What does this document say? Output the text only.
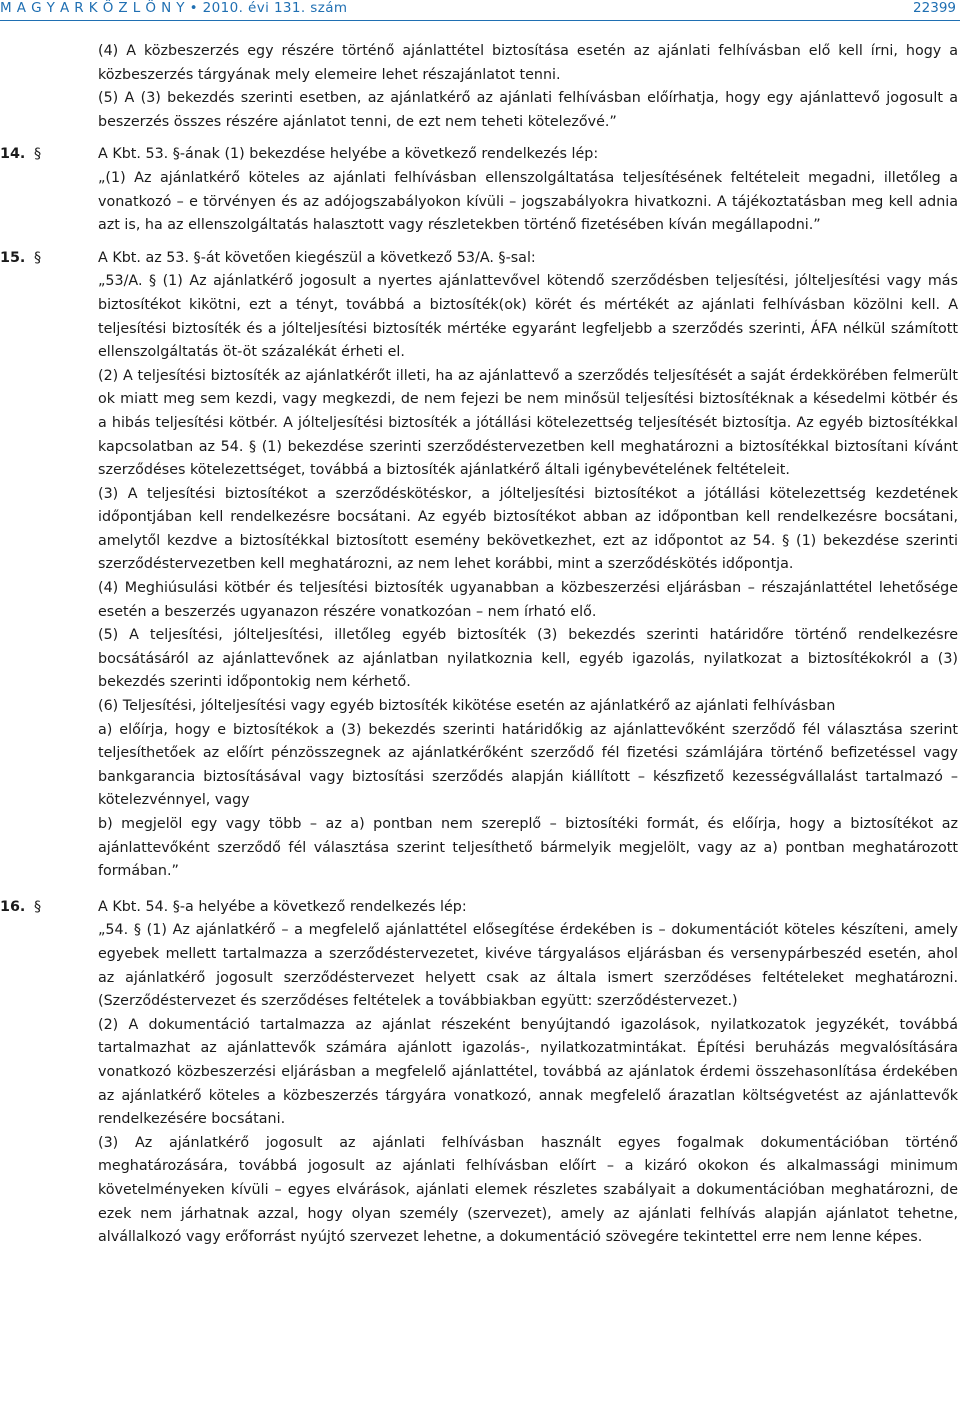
M A G Y A R K Ö Z L Ö N Y • 2010. évi 131. szám	22399

(4) A közbeszerzés egy részére történő ajánlattétel biztosítása esetén az ajánlati felhívásban elő kell írni, hogy a közbeszerzés tárgyának mely elemeire lehet részajánlatot tenni.

(5) A (3) bekezdés szerinti esetben, az ajánlatkérő az ajánlati felhívásban előírhatja, hogy egy ajánlattevő jogosult a beszerzés összes részére ajánlatot tenni, de ezt nem teheti kötelezővé.”

14. §	A Kbt. 53. §-ának (1) bekezdése helyébe a következő rendelkezés lép:

„(1) Az ajánlatkérő köteles az ajánlati felhívásban ellenszolgáltatása teljesítésének feltételeit megadni, illetőleg a vonatkozó – e törvényen és az adójogszabályokon kívüli – jogszabályokra hivatkozni. A tájékoztatásban meg kell adnia azt is, ha az ellenszolgáltatás halasztott vagy részletekben történő fizetésében kíván megállapodni.”

15. §	A Kbt. az 53. §-át követően kiegészül a következő 53/A. §-sal:

„53/A. § (1) Az ajánlatkérő jogosult a nyertes ajánlattevővel kötendő szerződésben teljesítési, jólteljesítési vagy más biztosítékot kikötni, ezt a tényt, továbbá a biztosíték(ok) körét és mértékét az ajánlati felhívásban közölni kell. A teljesítési biztosíték és a jólteljesítési biztosíték mértéke egyaránt legfeljebb a szerződés szerinti, ÁFA nélkül számított ellenszolgáltatás öt-öt százalékát érheti el.

(2) A teljesítési biztosíték az ajánlatkérőt illeti, ha az ajánlattevő a szerződés teljesítését a saját érdekkörében felmerült ok miatt meg sem kezdi, vagy megkezdi, de nem fejezi be nem minősül teljesítési biztosítéknak a késedelmi kötbér és a hibás teljesítési kötbér. A jólteljesítési biztosíték a jótállási kötelezettség teljesítését biztosítja. Az egyéb biztosítékkal kapcsolatban az 54. § (1) bekezdése szerinti szerződéstervezetben kell meghatározni a biztosítékkal biztosítani kívánt szerződéses kötelezettséget, továbbá a biztosíték ajánlatkérő általi igénybevételének feltételeit.

(3) A teljesítési biztosítékot a szerződéskötéskor, a jólteljesítési biztosítékot a jótállási kötelezettség kezdetének időpontjában kell rendelkezésre bocsátani. Az egyéb biztosítékot abban az időpontban kell rendelkezésre bocsátani, amelytől kezdve a biztosítékkal biztosított esemény bekövetkezhet, ezt az időpontot az 54. § (1) bekezdése szerinti szerződéstervezetben kell meghatározni, az nem lehet korábbi, mint a szerződéskötés időpontja.

(4) Meghiúsulási kötbér és teljesítési biztosíték ugyanabban a közbeszerzési eljárásban – részajánlattétel lehetősége esetén a beszerzés ugyanazon részére vonatkozóan – nem írható elő.

(5) A teljesítési, jólteljesítési, illetőleg egyéb biztosíték (3) bekezdés szerinti határidőre történő rendelkezésre bocsátásáról az ajánlattevőnek az ajánlatban nyilatkoznia kell, egyéb igazolás, nyilatkozat a biztosítékokról a (3) bekezdés szerinti időpontokig nem kérhető.

(6) Teljesítési, jólteljesítési vagy egyéb biztosíték kikötése esetén az ajánlatkérő az ajánlati felhívásban

a) előírja, hogy e biztosítékok a (3) bekezdés szerinti határidőkig az ajánlattevőként szerződő fél választása szerint teljesíthetőek az előírt pénzösszegnek az ajánlatkérőként szerződő fél fizetési számlájára történő befizetéssel vagy bankgarancia biztosításával vagy biztosítási szerződés alapján kiállított – készfizető kezességvállalást tartalmazó – kötelezvénnyel, vagy

b) megjelöl egy vagy több – az a) pontban nem szereplő – biztosítéki formát, és előírja, hogy a biztosítékot az ajánlattevőként szerződő fél választása szerint teljesíthető bármelyik megjelölt, vagy az a) pontban meghatározott formában.”

16. §	A Kbt. 54. §-a helyébe a következő rendelkezés lép:

„54. § (1) Az ajánlatkérő – a megfelelő ajánlattétel elősegítése érdekében is – dokumentációt köteles készíteni, amely egyebek mellett tartalmazza a szerződéstervezetet, kivéve tárgyalásos eljárásban és versenypárbeszéd esetén, ahol az ajánlatkérő jogosult szerződéstervezet helyett csak az általa ismert szerződéses feltételeket meghatározni. (Szerződéstervezet és szerződéses feltételek a továbbiakban együtt: szerződéstervezet.)

(2) A dokumentáció tartalmazza az ajánlat részeként benyújtandó igazolások, nyilatkozatok jegyzékét, továbbá tartalmazhat az ajánlattevők számára ajánlott igazolás-, nyilatkozatmintákat. Építési beruházás megvalósítására vonatkozó közbeszerzési eljárásban a megfelelő ajánlattétel, továbbá az ajánlatok érdemi összehasonlítása érdekében az ajánlatkérő köteles a közbeszerzés tárgyára vonatkozó, annak megfelelő árazatlan költségvetést az ajánlattevők rendelkezésére bocsátani.

(3) Az ajánlatkérő jogosult az ajánlati felhívásban használt egyes fogalmak dokumentációban történő meghatározására, továbbá jogosult az ajánlati felhívásban előírt – a kizáró okokon és alkalmassági minimum követelményeken kívüli – egyes elvárások, ajánlati elemek részletes szabályait a dokumentációban meghatározni, de ezek nem járhatnak azzal, hogy olyan személy (szervezet), amely az ajánlati felhívás alapján ajánlatot tehetne, alvállalkozó vagy erőforrást nyújtó szervezet lehetne, a dokumentáció szövegére tekintettel erre nem lenne képes.
